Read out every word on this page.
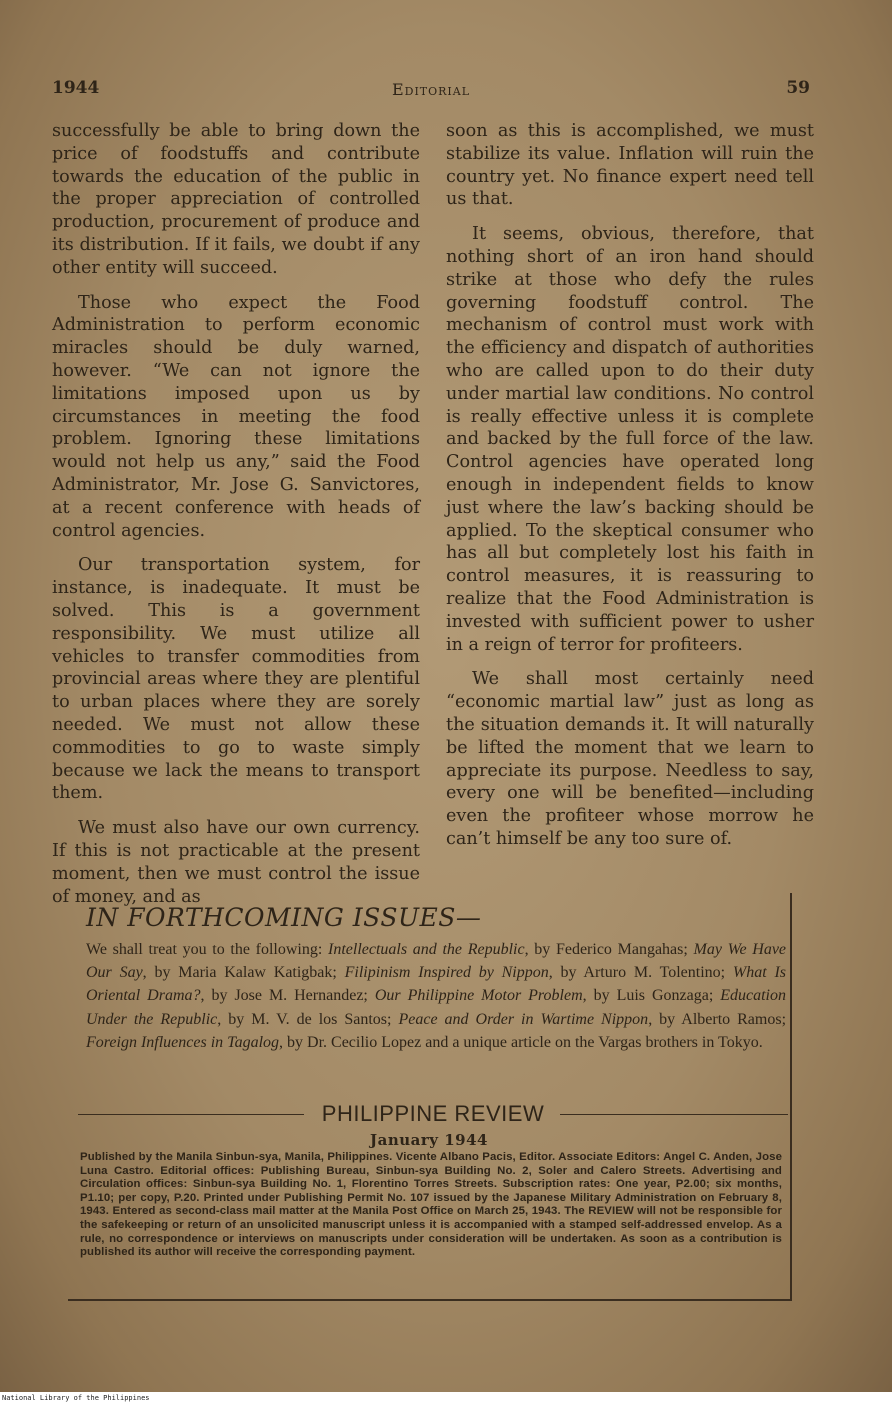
1944	Editorial	59

successfully be able to bring down the price of foodstuffs and contribute towards the education of the public in the proper appreciation of controlled production, procurement of produce and its distribution. If it fails, we doubt if any other entity will succeed.

Those who expect the Food Administration to perform economic miracles should be duly warned, however. “We can not ignore the limitations imposed upon us by circumstances in meeting the food problem. Ignoring these limitations would not help us any,” said the Food Administrator, Mr. Jose G. Sanvictores, at a recent conference with heads of control agencies.

Our transportation system, for instance, is inadequate. It must be solved. This is a government responsibility. We must utilize all vehicles to transfer commodities from provincial areas where they are plentiful to urban places where they are sorely needed. We must not allow these commodities to go to waste simply because we lack the means to transport them.

We must also have our own currency. If this is not practicable at the present moment, then we must control the issue of money, and as

soon as this is accomplished, we must stabilize its value. Inflation will ruin the country yet. No finance expert need tell us that.

It seems, obvious, therefore, that nothing short of an iron hand should strike at those who defy the rules governing foodstuff control. The mechanism of control must work with the efficiency and dispatch of authorities who are called upon to do their duty under martial law conditions. No control is really effective unless it is complete and backed by the full force of the law. Control agencies have operated long enough in independent fields to know just where the law’s backing should be applied. To the skeptical consumer who has all but completely lost his faith in control measures, it is reassuring to realize that the Food Administration is invested with sufficient power to usher in a reign of terror for profiteers.

We shall most certainly need “economic martial law” just as long as the situation demands it. It will naturally be lifted the moment that we learn to appreciate its purpose. Needless to say, every one will be benefited—including even the profiteer whose morrow he can’t himself be any too sure of.

IN FORTHCOMING ISSUES—
We shall treat you to the following: Intellectuals and the Republic, by Federico Mangahas; May We Have Our Say, by Maria Kalaw Katigbak; Filipinism Inspired by Nippon, by Arturo M. Tolentino; What Is Oriental Drama?, by Jose M. Hernandez; Our Philippine Motor Problem, by Luis Gonzaga; Education Under the Republic, by M. V. de los Santos; Peace and Order in Wartime Nippon, by Alberto Ramos; Foreign Influences in Tagalog, by Dr. Cecilio Lopez and a unique article on the Vargas brothers in Tokyo.
PHILIPPINE REVIEW
January 1944
Published by the Manila Sinbun-sya, Manila, Philippines. Vicente Albano Pacis, Editor. Associate Editors: Angel C. Anden, Jose Luna Castro. Editorial offices: Publishing Bureau, Sinbun-sya Building No. 2, Soler and Calero Streets. Advertising and Circulation offices: Sinbun-sya Building No. 1, Florentino Torres Streets. Subscription rates: One year, P2.00; six months, P1.10; per copy, P.20. Printed under Publishing Permit No. 107 issued by the Japanese Military Administration on February 8, 1943. Entered as second-class mail matter at the Manila Post Office on March 25, 1943. The REVIEW will not be responsible for the safekeeping or return of an unsolicited manuscript unless it is accompanied with a stamped self-addressed envelop. As a rule, no correspondence or interviews on manuscripts under consideration will be undertaken. As soon as a contribution is published its author will receive the corresponding payment.
National Library of the Philippines
